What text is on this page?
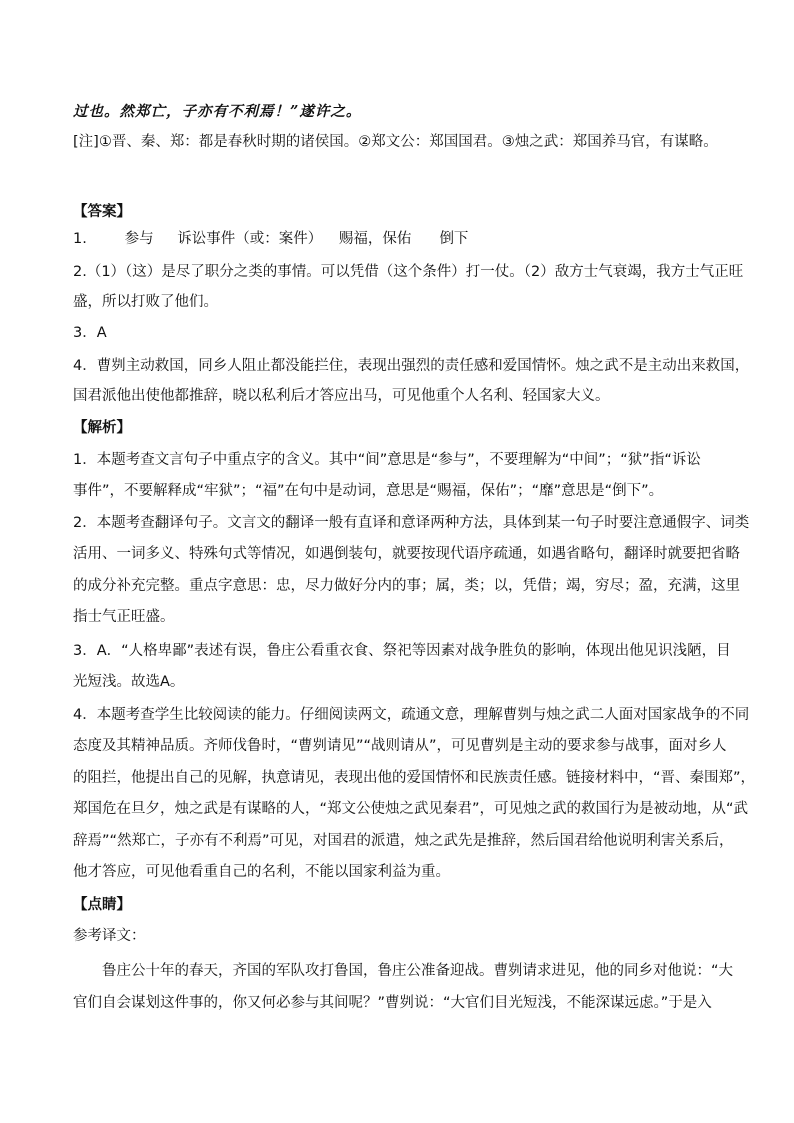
过也。然郑亡，子亦有不利焉！”遂许之。
[注]①晋、秦、郑：都是春秋时期的诸侯国。②郑文公：郑国国君。③烛之武：郑国养马官，有谋略。
【答案】
1.	参与 诉讼事件（或：案件） 赐福，保佑 倒下
2.（1）（这）是尽了职分之类的事情。可以凭借（这个条件）打一仗。（2）敌方士气衰竭，我方士气正旺
盛，所以打败了他们。
3．A
4．曹刿主动救国，同乡人阻止都没能拦住，表现出强烈的责任感和爱国情怀。烛之武不是主动出来救国，
国君派他出使他都推辞，晓以私利后才答应出马，可见他重个人名利、轻国家大义。
【解析】
1．本题考查文言句子中重点字的含义。其中“间”意思是“参与”，不要理解为“中间”；“狱”指“诉讼
事件”，不要解释成“牢狱”；“福”在句中是动词，意思是“赐福，保佑”；“靡”意思是“倒下”。
2．本题考查翻译句子。文言文的翻译一般有直译和意译两种方法，具体到某一句子时要注意通假字、词类
活用、一词多义、特殊句式等情况，如遇倒装句，就要按现代语序疏通，如遇省略句，翻译时就要把省略
的成分补充完整。重点字意思：忠，尽力做好分内的事；属，类；以，凭借；竭，穷尽；盈，充满，这里
指士气正旺盛。
3．A．“人格卑鄙”表述有误，鲁庄公看重衣食、祭祀等因素对战争胜负的影响，体现出他见识浅陋，目
光短浅。故选A。
4．本题考查学生比较阅读的能力。仔细阅读两文，疏通文意，理解曹刿与烛之武二人面对国家战争的不同
态度及其精神品质。齐师伐鲁时，“曹刿请见”“战则请从”，可见曹刿是主动的要求参与战事，面对乡人
的阻拦，他提出自己的见解，执意请见，表现出他的爱国情怀和民族责任感。链接材料中，“晋、秦围郑”，
郑国危在旦夕，烛之武是有谋略的人，“郑文公使烛之武见秦君”，可见烛之武的救国行为是被动地，从“武
辞焉”“然郑亡，子亦有不利焉”可见，对国君的派遣，烛之武先是推辞，然后国君给他说明利害关系后，
他才答应，可见他看重自己的名利，不能以国家利益为重。
【点睛】
参考译文：
鲁庄公十年的春天，齐国的军队攻打鲁国，鲁庄公准备迎战。曹刿请求进见，他的同乡对他说：“大
官们自会谋划这件事的，你又何必参与其间呢？”曹刿说：“大官们目光短浅，不能深谋远虑。”于是入
